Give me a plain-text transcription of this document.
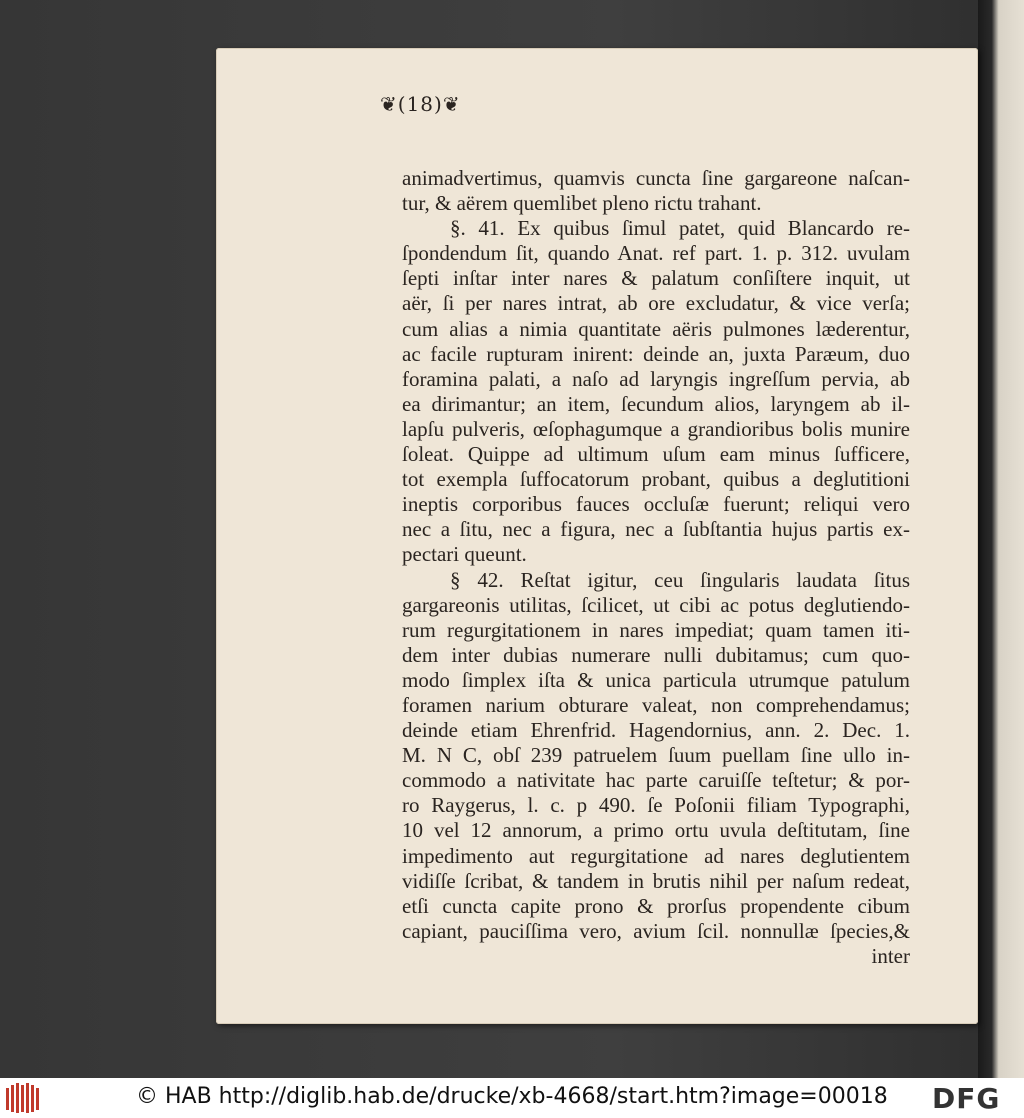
❦(18)❦
animadvertimus, quamvis cuncta ſine gargareone naſcan-
tur, & aërem quemlibet pleno rictu trahant.
§. 41. Ex quibus ſimul patet, quid Blancardo re-
ſpondendum ſit, quando Anat. ref part. 1. p. 312. uvulam
ſepti inſtar inter nares & palatum conſiſtere inquit, ut
aër, ſi per nares intrat, ab ore excludatur, & vice verſa;
cum alias a nimia quantitate aëris pulmones læderentur,
ac facile rupturam inirent: deinde an, juxta Paræum, duo
foramina palati, a naſo ad laryngis ingreſſum pervia, ab
ea dirimantur; an item, ſecundum alios, laryngem ab il-
lapſu pulveris, œſophagumque a grandioribus bolis munire
ſoleat. Quippe ad ultimum uſum eam minus ſufficere,
tot exempla ſuffocatorum probant, quibus a deglutitioni
ineptis corporibus fauces occluſæ fuerunt; reliqui vero
nec a ſitu, nec a figura, nec a ſubſtantia hujus partis ex-
pectari queunt.
§ 42. Reſtat igitur, ceu ſingularis laudata ſitus
gargareonis utilitas, ſcilicet, ut cibi ac potus deglutiendo-
rum regurgitationem in nares impediat; quam tamen iti-
dem inter dubias numerare nulli dubitamus; cum quo-
modo ſimplex iſta & unica particula utrumque patulum
foramen narium obturare valeat, non comprehendamus;
deinde etiam Ehrenfrid. Hagendornius, ann. 2. Dec. 1.
M. N C, obſ 239 patruelem ſuum puellam ſine ullo in-
commodo a nativitate hac parte caruiſſe teſtetur; & por-
ro Raygerus, l. c. p 490. ſe Poſonii filiam Typographi,
10 vel 12 annorum, a primo ortu uvula deſtitutam, ſine
impedimento aut regurgitatione ad nares deglutientem
vidiſſe ſcribat, & tandem in brutis nihil per naſum redeat,
etſi cuncta capite prono & prorſus propendente cibum
capiant, pauciſſima vero, avium ſcil. nonnullæ ſpecies,&
inter
© HAB http://diglib.hab.de/drucke/xb-4668/start.htm?image=00018 DFG
